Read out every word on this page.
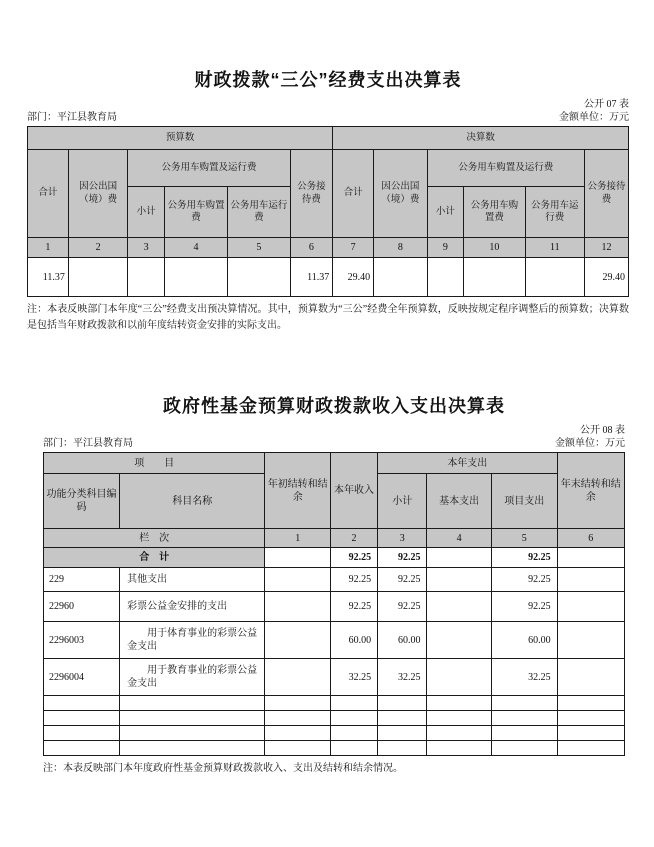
财政拨款“三公”经费支出决算表
公开 07 表
部门：平江县教育局	金额单位：万元
预算数						决算数					
合计	因公出国（境）费	公务用车购置及运行费			公务接待费	合计	因公出国（境）费	公务用车购置及运行费			公务接待费
		小计	公务用车购置费	公务用车运行费				小计	公务用车购置费	公务用车运行费	
1	2	3	4	5	6	7	8	9	10	11	12
11.37					11.37	29.40					29.40

注：本表反映部门本年度“三公”经费支出预决算情况。其中，预算数为“三公”经费全年预算数，反映按规定程序调整后的预算数；决算数是包括当年财政拨款和以前年度结转资金安排的实际支出。

政府性基金预算财政拨款收入支出决算表
公开 08 表
部门：平江县教育局	金额单位：万元
项　　目		年初结转和结余	本年收入	本年支出			年末结转和结余
功能分类科目编码	科目名称			小计	基本支出	项目支出	
栏　次		1	2	3	4	5	6
合　计			92.25	92.25		92.25	
229	其他支出		92.25	92.25		92.25	
22960	彩票公益金安排的支出		92.25	92.25		92.25	
2296003	用于体育事业的彩票公益金支出		60.00	60.00		60.00	
2296004	用于教育事业的彩票公益金支出		32.25	32.25		32.25	

注：本表反映部门本年度政府性基金预算财政拨款收入、支出及结转和结余情况。
